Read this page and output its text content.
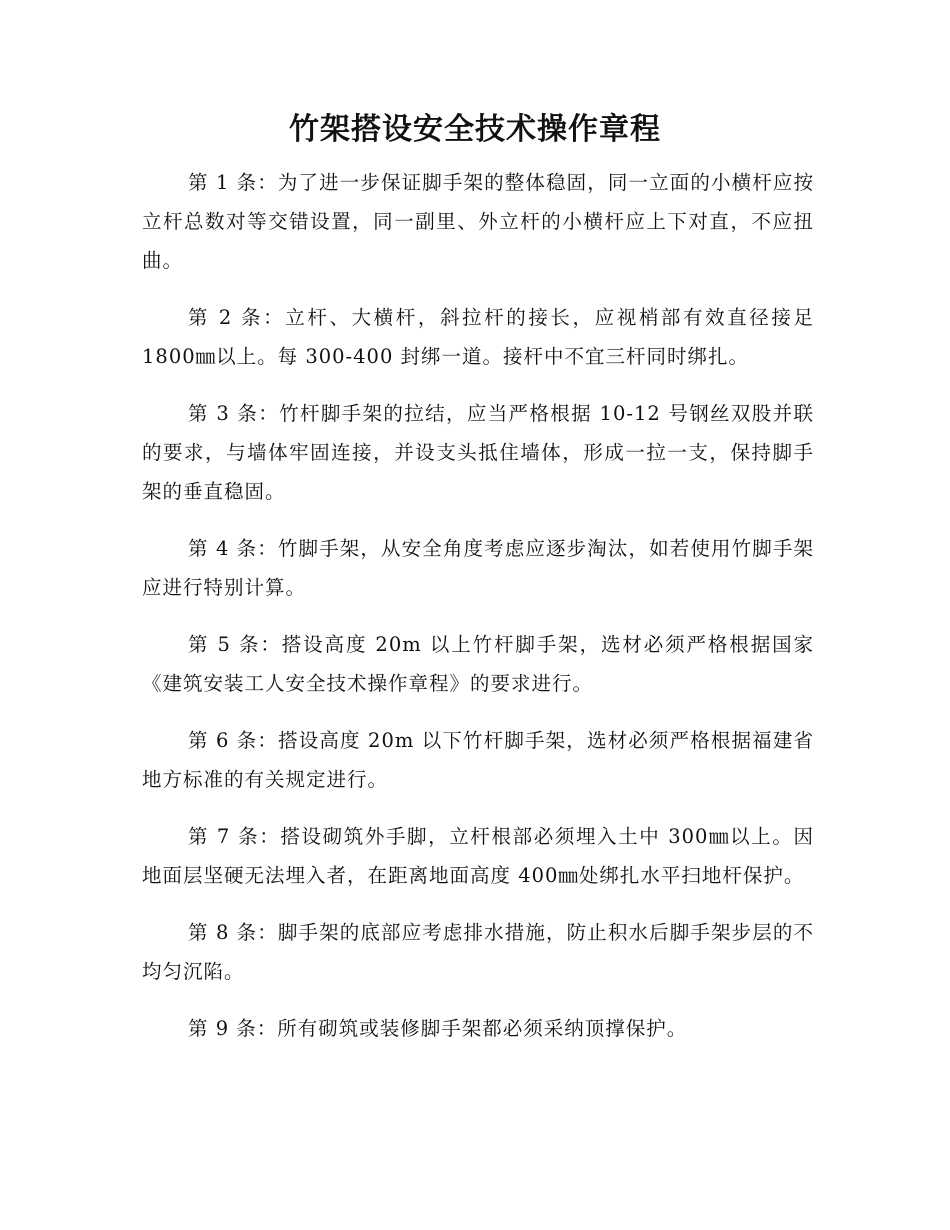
竹架搭设安全技术操作章程

第 1 条：为了进一步保证脚手架的整体稳固，同一立面的小横杆应按立杆总数对等交错设置，同一副里、外立杆的小横杆应上下对直，不应扭曲。

第 2 条：立杆、大横杆，斜拉杆的接长，应视梢部有效直径接足1800㎜以上。每 300-400 封绑一道。接杆中不宜三杆同时绑扎。

第 3 条：竹杆脚手架的拉结，应当严格根据 10-12 号钢丝双股并联的要求，与墙体牢固连接，并设支头抵住墙体，形成一拉一支，保持脚手架的垂直稳固。

第 4 条：竹脚手架，从安全角度考虑应逐步淘汰，如若使用竹脚手架应进行特别计算。

第 5 条：搭设高度 20m 以上竹杆脚手架，选材必须严格根据国家《建筑安装工人安全技术操作章程》的要求进行。

第 6 条：搭设高度 20m 以下竹杆脚手架，选材必须严格根据福建省地方标准的有关规定进行。

第 7 条：搭设砌筑外手脚，立杆根部必须埋入土中 300㎜以上。因地面层坚硬无法埋入者，在距离地面高度 400㎜处绑扎水平扫地杆保护。

第 8 条：脚手架的底部应考虑排水措施，防止积水后脚手架步层的不均匀沉陷。

第 9 条：所有砌筑或装修脚手架都必须采纳顶撑保护。
